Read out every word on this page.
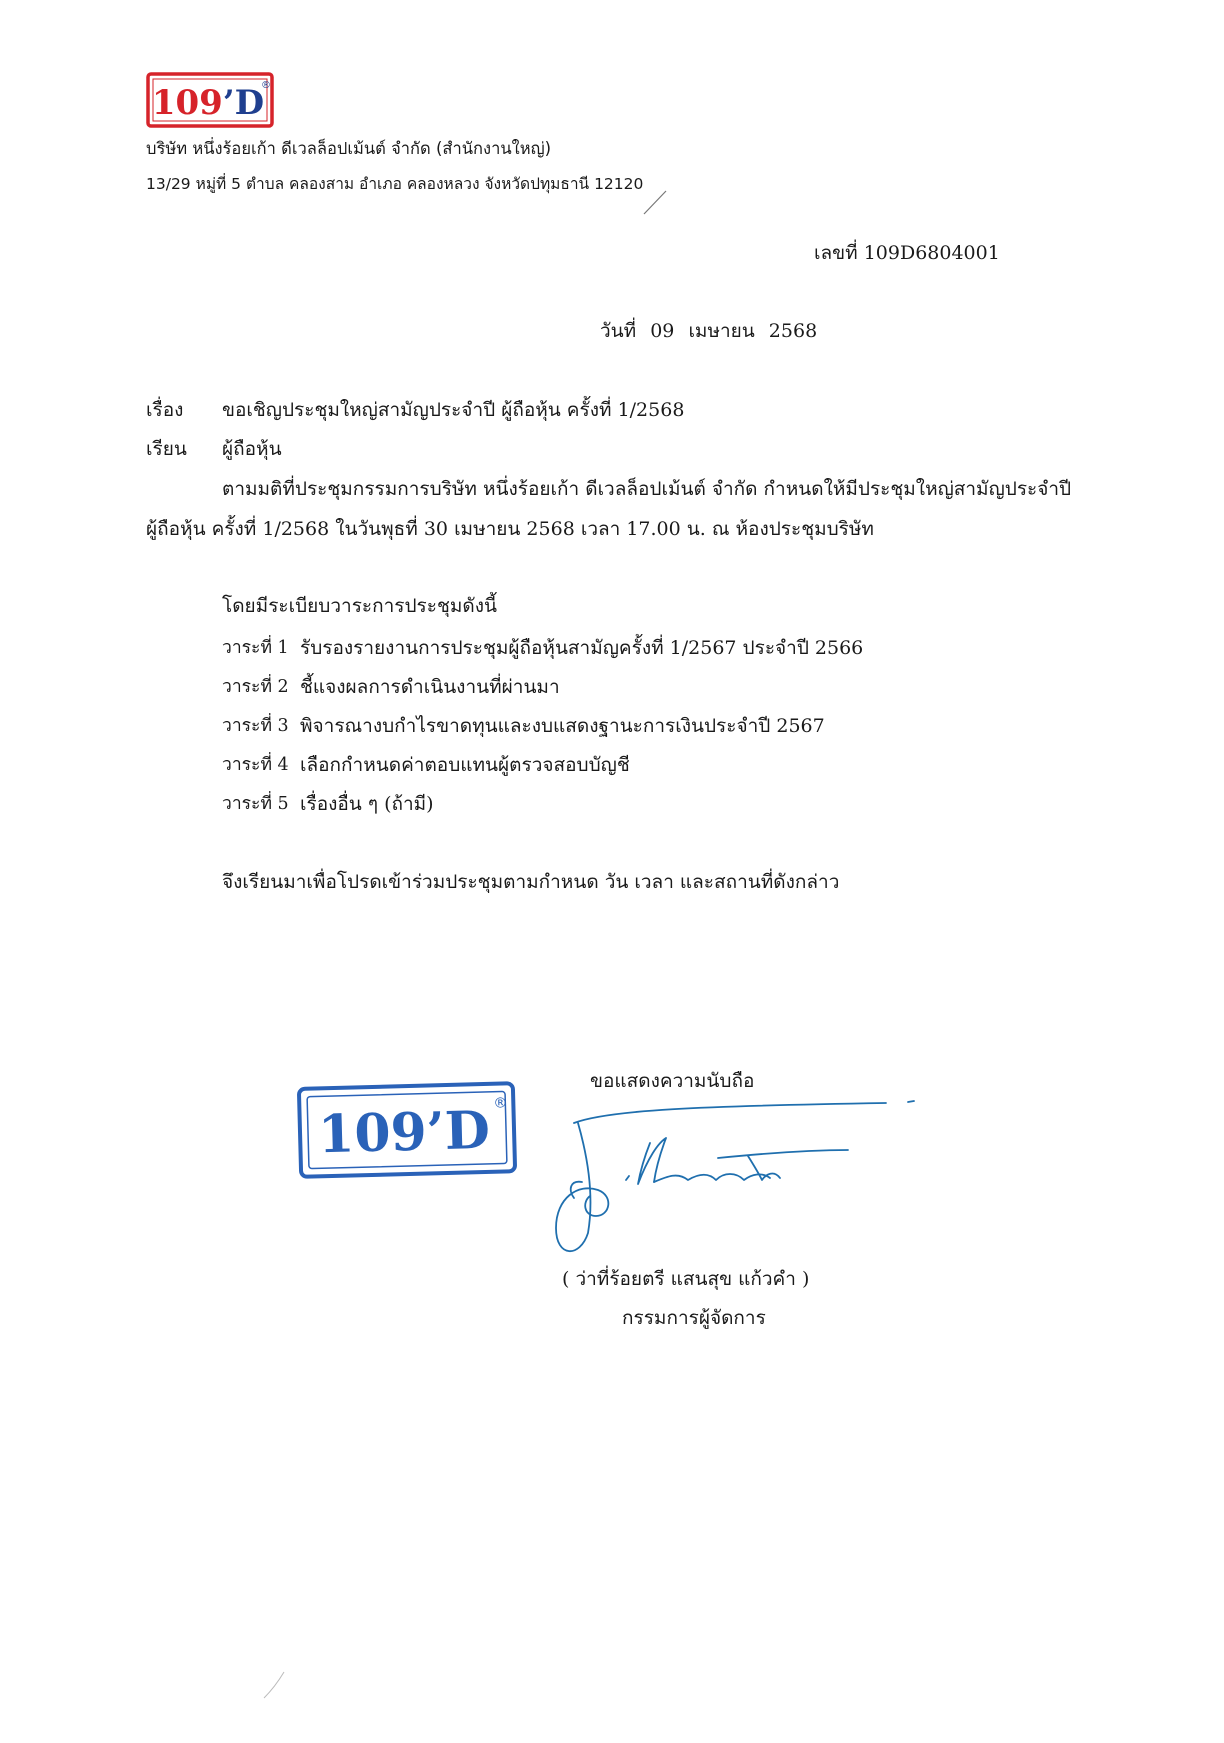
109’D
®
บริษัท หนึ่งร้อยเก้า ดีเวลล็อปเม้นต์ จำกัด (สำนักงานใหญ่)
13/29 หมู่ที่ 5 ตำบล คลองสาม อำเภอ คลองหลวง จังหวัดปทุมธานี 12120
เลขที่ 109D6804001
วันที่ 09 เมษายน 2568
เรื่อง ขอเชิญประชุมใหญ่สามัญประจำปี ผู้ถือหุ้น ครั้งที่ 1/2568
เรียน ผู้ถือหุ้น
ตามมติที่ประชุมกรรมการบริษัท หนึ่งร้อยเก้า ดีเวลล็อปเม้นต์ จำกัด กำหนดให้มีประชุมใหญ่สามัญประจำปี
ผู้ถือหุ้น ครั้งที่ 1/2568 ในวันพุธที่ 30 เมษายน 2568 เวลา 17.00 น. ณ ห้องประชุมบริษัท
โดยมีระเบียบวาระการประชุมดังนี้
วาระที่ 1 รับรองรายงานการประชุมผู้ถือหุ้นสามัญครั้งที่ 1/2567 ประจำปี 2566
วาระที่ 2 ชี้แจงผลการดำเนินงานที่ผ่านมา
วาระที่ 3 พิจารณางบกำไรขาดทุนและงบแสดงฐานะการเงินประจำปี 2567
วาระที่ 4 เลือกกำหนดค่าตอบแทนผู้ตรวจสอบบัญชี
วาระที่ 5 เรื่องอื่น ๆ (ถ้ามี)
จึงเรียนมาเพื่อโปรดเข้าร่วมประชุมตามกำหนด วัน เวลา และสถานที่ดังกล่าว
109’D ®
ขอแสดงความนับถือ
( ว่าที่ร้อยตรี แสนสุข แก้วคำ )
กรรมการผู้จัดการ
